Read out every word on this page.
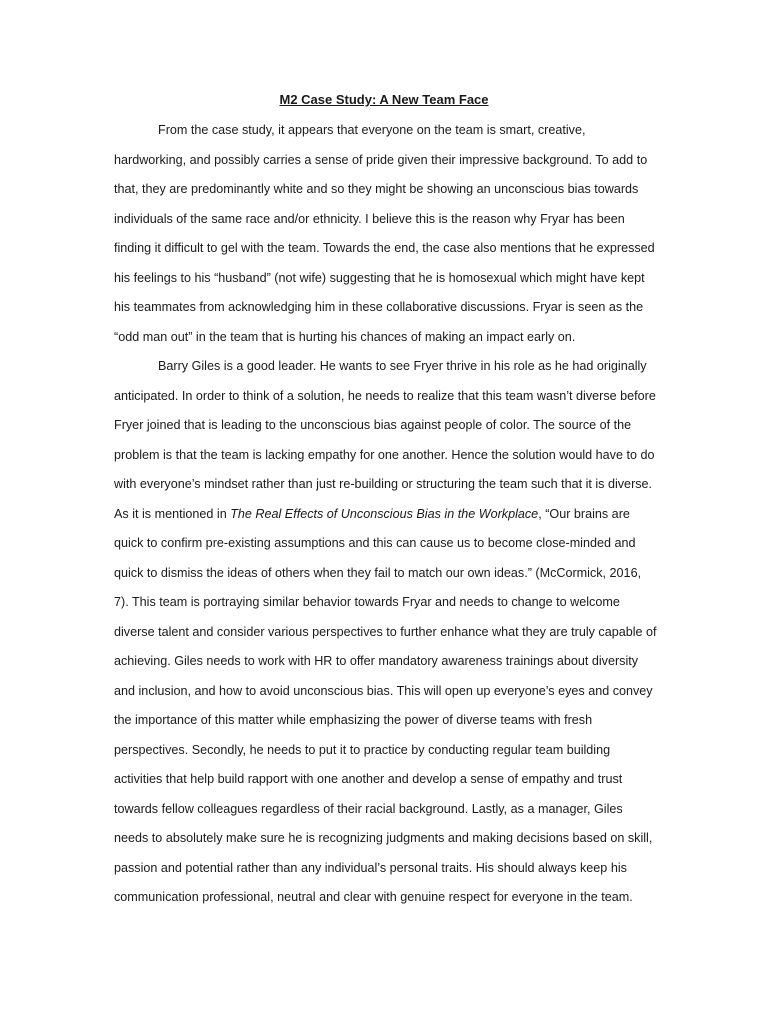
M2 Case Study: A New Team Face

From the case study, it appears that everyone on the team is smart, creative,

hardworking, and possibly carries a sense of pride given their impressive background. To add to

that, they are predominantly white and so they might be showing an unconscious bias towards

individuals of the same race and/or ethnicity. I believe this is the reason why Fryar has been

finding it difficult to gel with the team. Towards the end, the case also mentions that he expressed

his feelings to his “husband” (not wife) suggesting that he is homosexual which might have kept

his teammates from acknowledging him in these collaborative discussions. Fryar is seen as the

“odd man out” in the team that is hurting his chances of making an impact early on.

Barry Giles is a good leader. He wants to see Fryer thrive in his role as he had originally

anticipated. In order to think of a solution, he needs to realize that this team wasn’t diverse before

Fryer joined that is leading to the unconscious bias against people of color. The source of the

problem is that the team is lacking empathy for one another. Hence the solution would have to do

with everyone’s mindset rather than just re-building or structuring the team such that it is diverse.

As it is mentioned in The Real Effects of Unconscious Bias in the Workplace, “Our brains are

quick to confirm pre-existing assumptions and this can cause us to become close-minded and

quick to dismiss the ideas of others when they fail to match our own ideas.” (McCormick, 2016,

7). This team is portraying similar behavior towards Fryar and needs to change to welcome

diverse talent and consider various perspectives to further enhance what they are truly capable of

achieving. Giles needs to work with HR to offer mandatory awareness trainings about diversity

and inclusion, and how to avoid unconscious bias. This will open up everyone’s eyes and convey

the importance of this matter while emphasizing the power of diverse teams with fresh

perspectives. Secondly, he needs to put it to practice by conducting regular team building

activities that help build rapport with one another and develop a sense of empathy and trust

towards fellow colleagues regardless of their racial background. Lastly, as a manager, Giles

needs to absolutely make sure he is recognizing judgments and making decisions based on skill,

passion and potential rather than any individual’s personal traits. His should always keep his

communication professional, neutral and clear with genuine respect for everyone in the team.
